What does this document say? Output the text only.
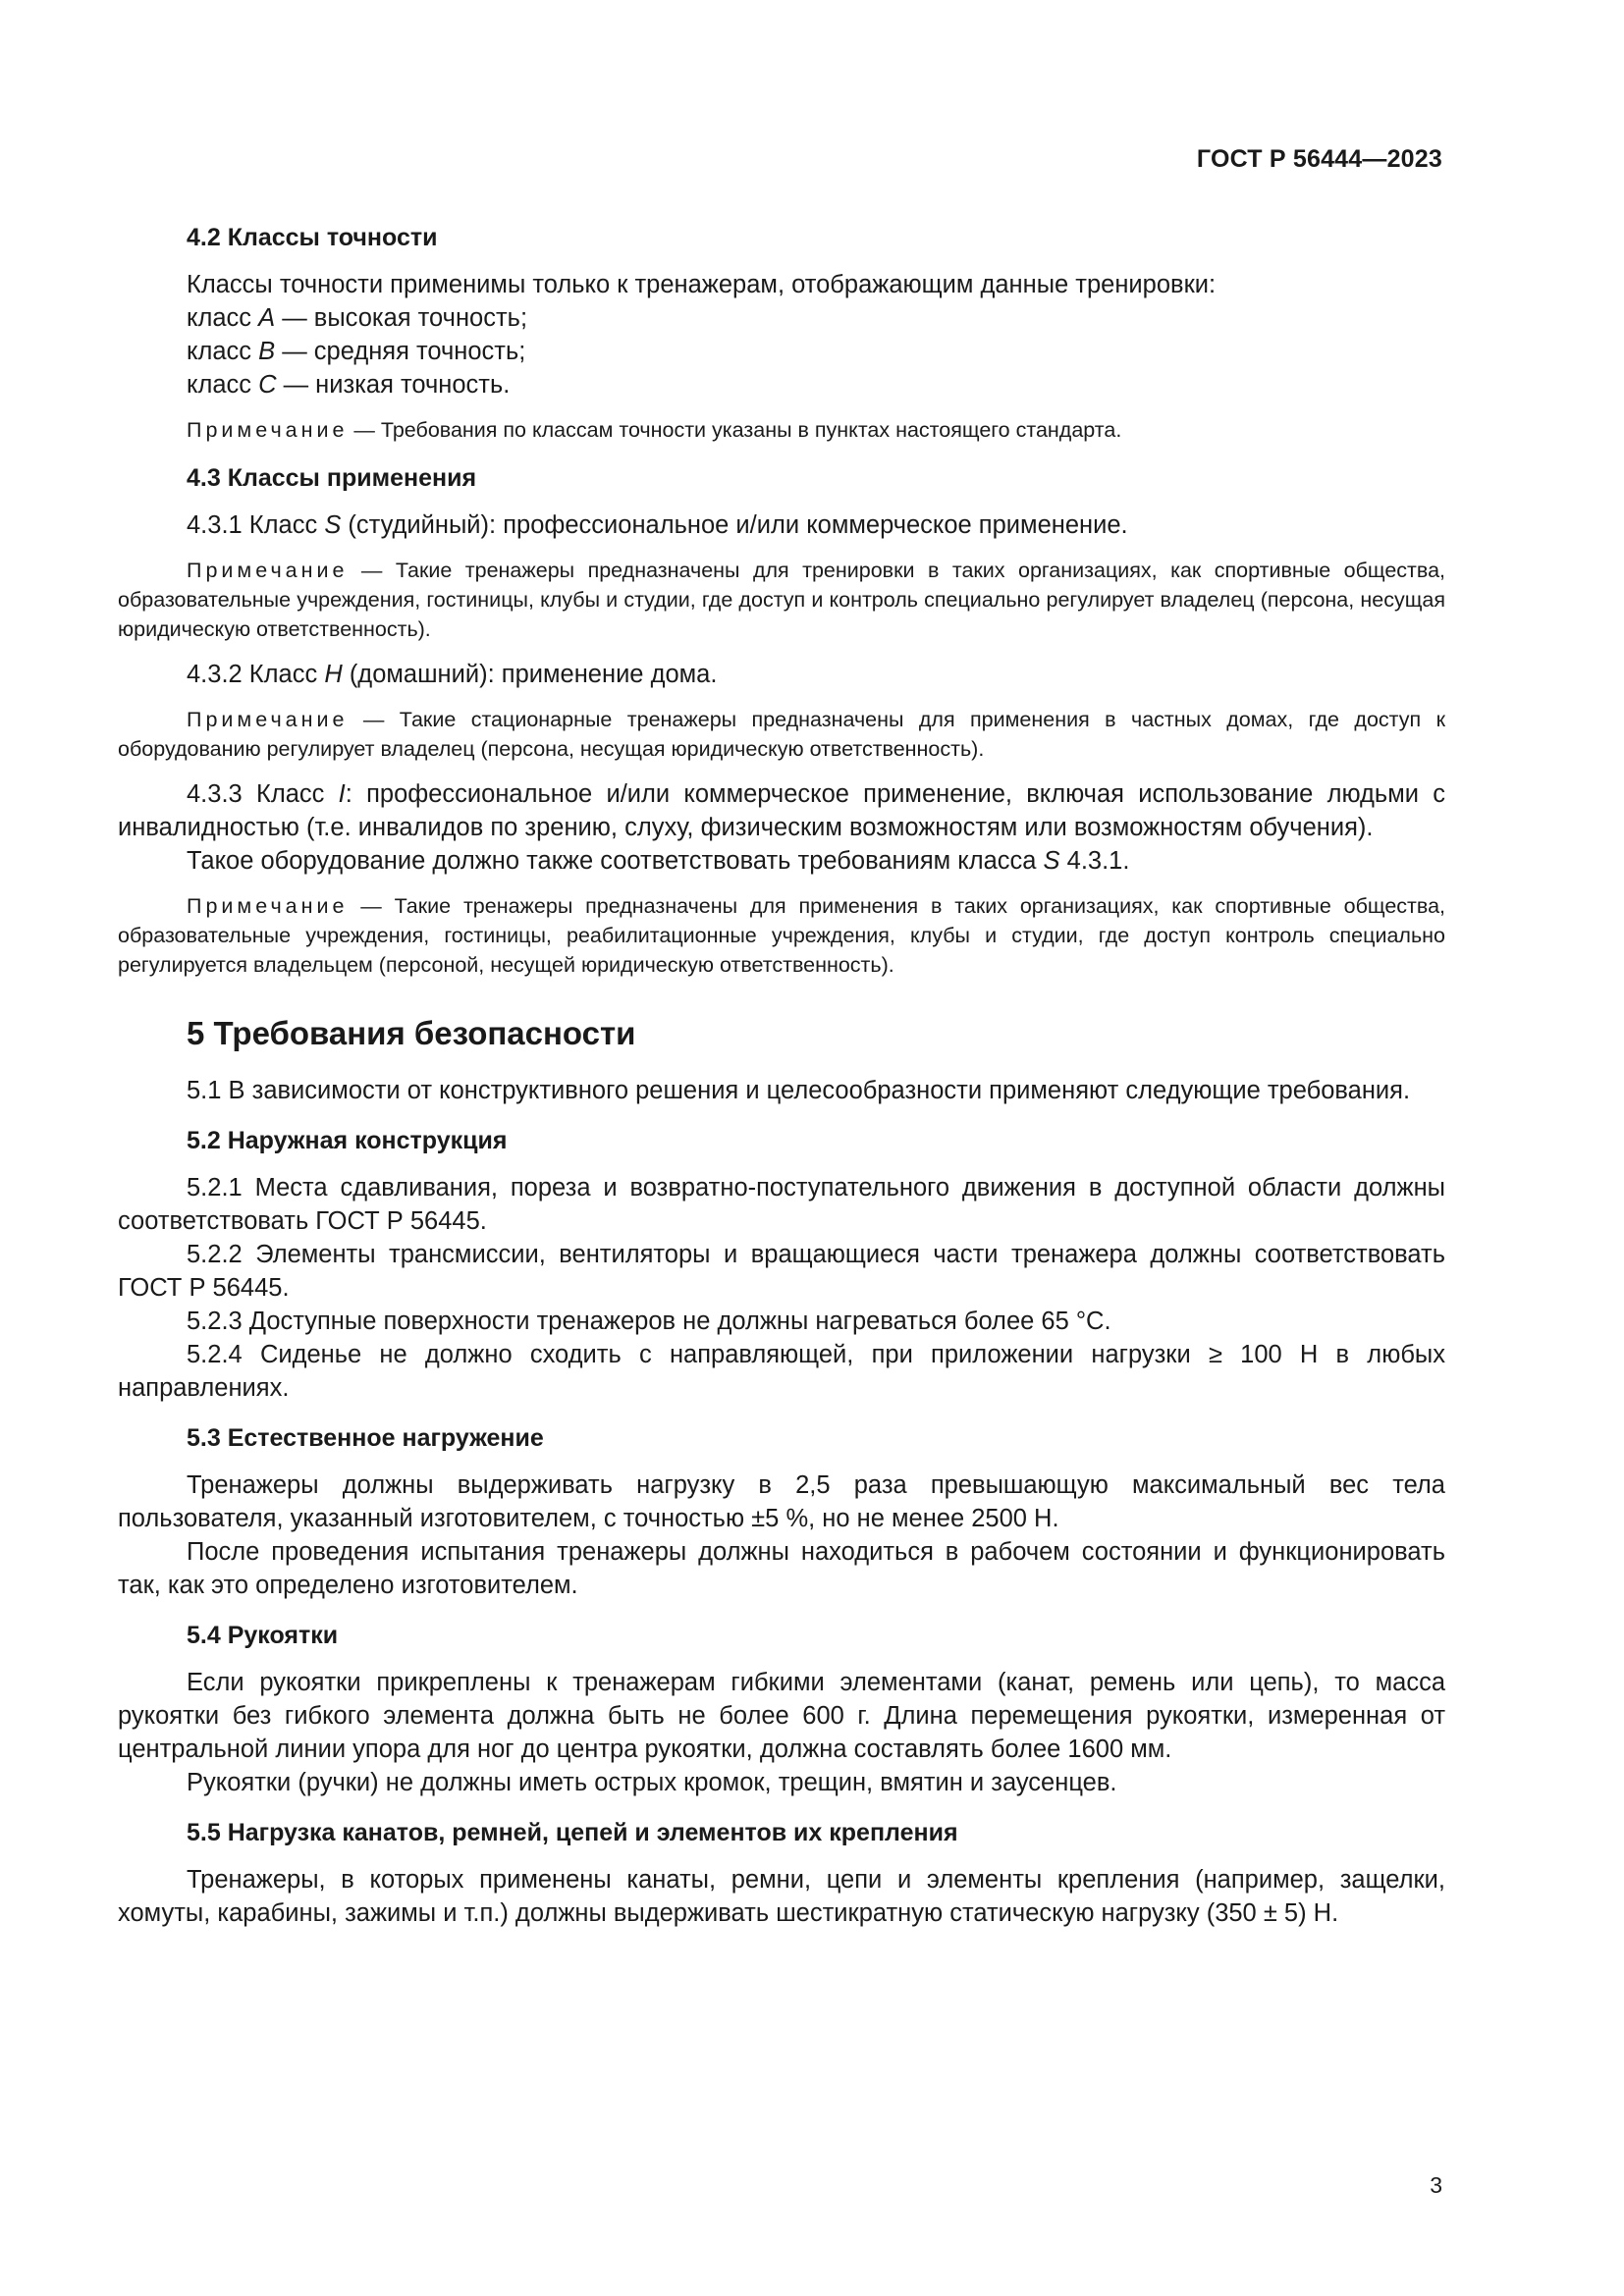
ГОСТ Р 56444—2023
4.2 Классы точности

Классы точности применимы только к тренажерам, отображающим данные тренировки:

класс A — высокая точность;

класс B — средняя точность;

класс C — низкая точность.

Примечание — Требования по классам точности указаны в пунктах настоящего стандарта.

4.3 Классы применения

4.3.1 Класс S (студийный): профессиональное и/или коммерческое применение.

Примечание — Такие тренажеры предназначены для тренировки в таких организациях, как спортивные общества, образовательные учреждения, гостиницы, клубы и студии, где доступ и контроль специально регулирует владелец (персона, несущая юридическую ответственность).

4.3.2 Класс H (домашний): применение дома.

Примечание — Такие стационарные тренажеры предназначены для применения в частных домах, где доступ к оборудованию регулирует владелец (персона, несущая юридическую ответственность).

4.3.3 Класс I: профессиональное и/или коммерческое применение, включая использование людьми с инвалидностью (т.е. инвалидов по зрению, слуху, физическим возможностям или возможностям обучения).

Такое оборудование должно также соответствовать требованиям класса S 4.3.1.

Примечание — Такие тренажеры предназначены для применения в таких организациях, как спортивные общества, образовательные учреждения, гостиницы, реабилитационные учреждения, клубы и студии, где доступ контроль специально регулируется владельцем (персоной, несущей юридическую ответственность).

5 Требования безопасности

5.1 В зависимости от конструктивного решения и целесообразности применяют следующие требования.

5.2 Наружная конструкция

5.2.1 Места сдавливания, пореза и возвратно-поступательного движения в доступной области должны соответствовать ГОСТ Р 56445.

5.2.2 Элементы трансмиссии, вентиляторы и вращающиеся части тренажера должны соответствовать ГОСТ Р 56445.

5.2.3 Доступные поверхности тренажеров не должны нагреваться более 65 °C.

5.2.4 Сиденье не должно сходить с направляющей, при приложении нагрузки ≥ 100 Н в любых направлениях.

5.3 Естественное нагружение

Тренажеры должны выдерживать нагрузку в 2,5 раза превышающую максимальный вес тела пользователя, указанный изготовителем, с точностью ±5 %, но не менее 2500 Н.

После проведения испытания тренажеры должны находиться в рабочем состоянии и функционировать так, как это определено изготовителем.

5.4 Рукоятки

Если рукоятки прикреплены к тренажерам гибкими элементами (канат, ремень или цепь), то масса рукоятки без гибкого элемента должна быть не более 600 г. Длина перемещения рукоятки, измеренная от центральной линии упора для ног до центра рукоятки, должна составлять более 1600 мм.

Рукоятки (ручки) не должны иметь острых кромок, трещин, вмятин и заусенцев.

5.5 Нагрузка канатов, ремней, цепей и элементов их крепления

Тренажеры, в которых применены канаты, ремни, цепи и элементы крепления (например, защелки, хомуты, карабины, зажимы и т.п.) должны выдерживать шестикратную статическую нагрузку (350 ± 5) Н.

3
